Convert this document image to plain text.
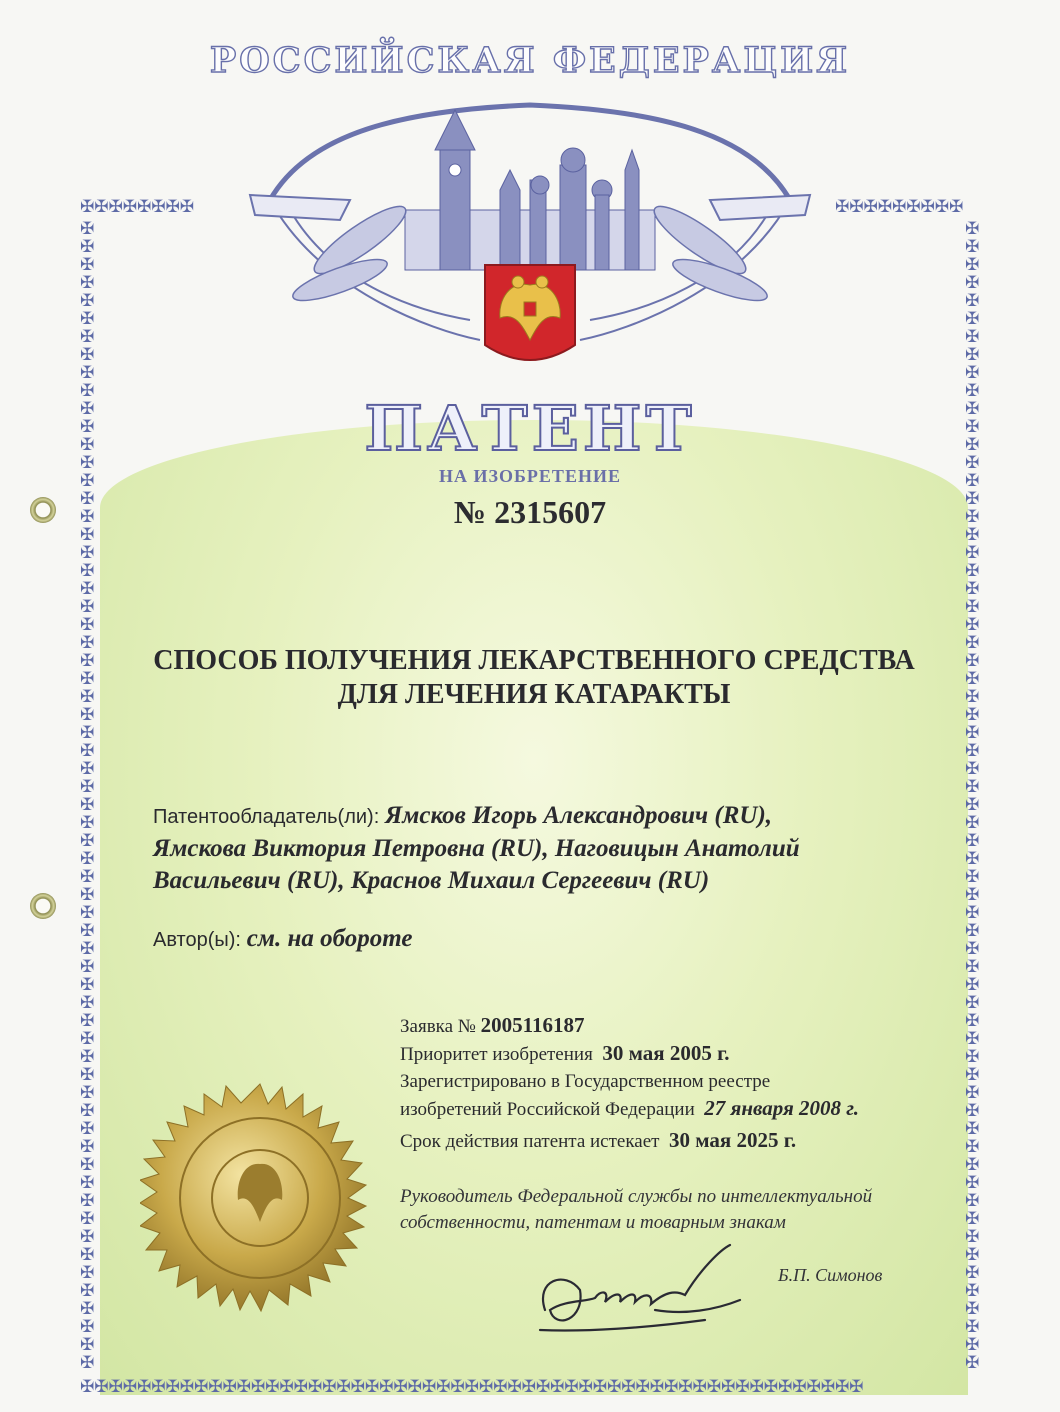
✠✠✠✠✠✠✠✠	✠✠✠✠✠✠✠✠✠
✠✠✠✠✠✠✠✠✠✠✠✠✠✠✠✠✠✠✠✠✠✠✠✠✠✠✠✠✠✠✠✠✠✠✠✠✠✠✠✠✠✠✠✠✠✠✠✠✠✠✠✠✠✠✠
✠✠✠✠✠✠✠✠✠✠✠✠✠✠✠✠✠✠✠✠✠✠✠✠✠✠✠✠✠✠✠✠✠✠✠✠✠✠✠✠✠✠✠✠✠✠✠✠✠✠✠✠✠✠✠✠✠✠✠✠✠✠✠✠
✠✠✠✠✠✠✠✠✠✠✠✠✠✠✠✠✠✠✠✠✠✠✠✠✠✠✠✠✠✠✠✠✠✠✠✠✠✠✠✠✠✠✠✠✠✠✠✠✠✠✠✠✠✠✠✠✠✠✠✠✠✠✠✠
РОССИЙСКАЯ ФЕДЕРАЦИЯ
ПАТЕНТ
НА ИЗОБРЕТЕНИЕ
№ 2315607
СПОСОБ ПОЛУЧЕНИЯ ЛЕКАРСТВЕННОГО СРЕДСТВА
ДЛЯ ЛЕЧЕНИЯ КАТАРАКТЫ
Патентообладатель(ли): Ямсков Игорь Александрович (RU),
Ямскова Виктория Петровна (RU), Наговицын Анатолий
Васильевич (RU), Краснов Михаил Сергеевич (RU)
Автор(ы): см. на обороте
Заявка № 2005116187
Приоритет изобретения 30 мая 2005 г.
Зарегистрировано в Государственном реестре
изобретений Российской Федерации 27 января 2008 г.
Срок действия патента истекает 30 мая 2025 г.
Руководитель Федеральной службы по интеллектуальной
собственности, патентам и товарным знакам
Б.П. Симонов
